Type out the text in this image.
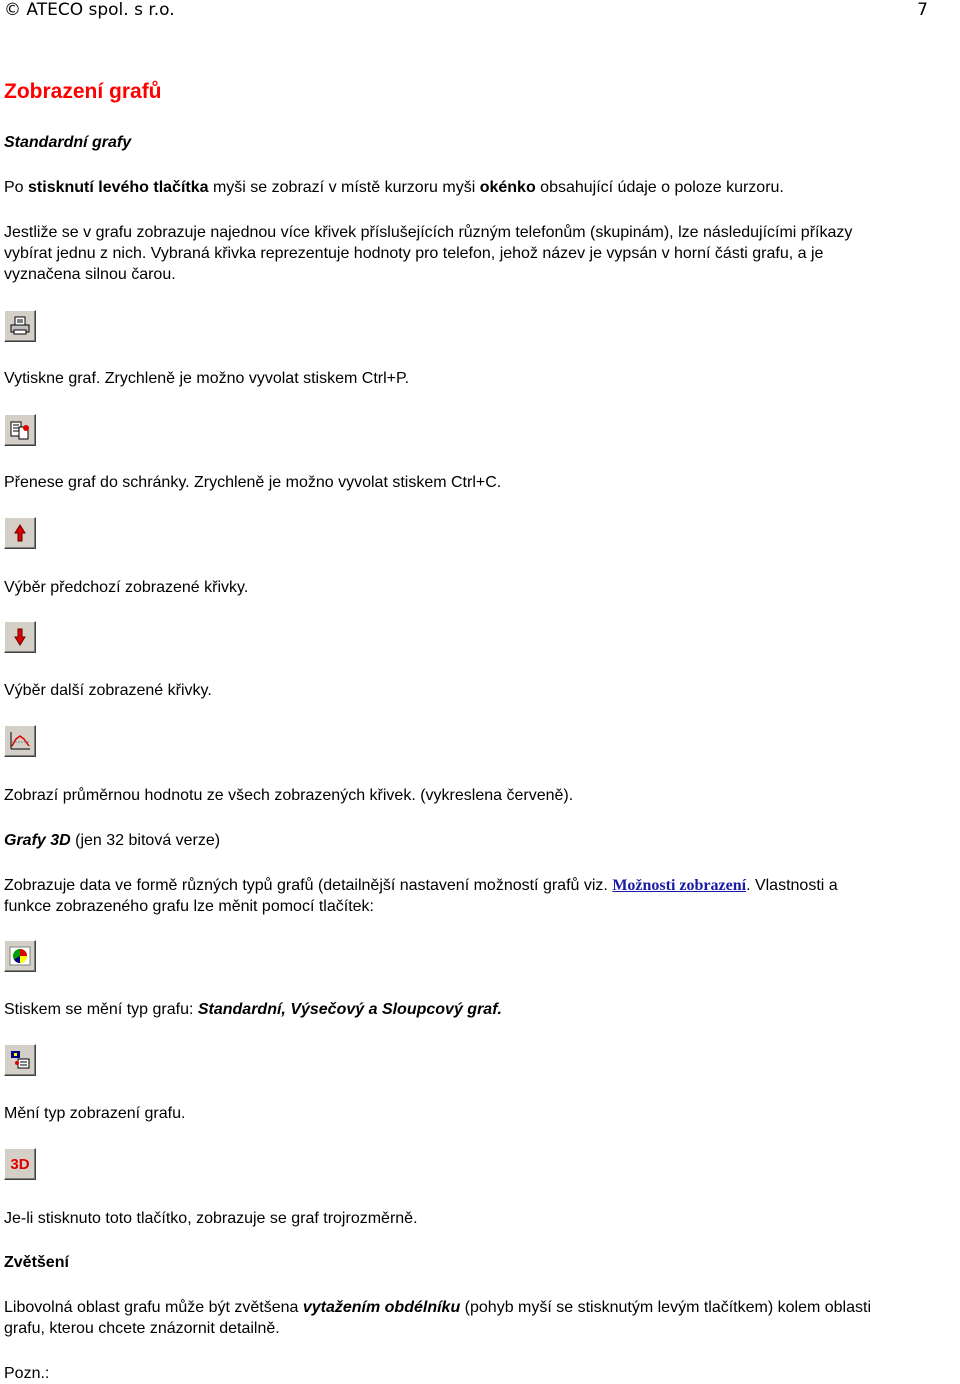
© ATECO spol. s r.o.	7
Zobrazení grafů
Standardní grafy
Po stisknutí levého tlačítka myši se zobrazí v místě kurzoru myši okénko obsahující údaje o poloze kurzoru.
Jestliže se v grafu zobrazuje najednou více křivek příslušejících různým telefonům (skupinám), lze následujícími příkazy
vybírat jednu z nich. Vybraná křivka reprezentuje hodnoty pro telefon, jehož název je vypsán v horní části grafu, a je
vyznačena silnou čarou.
Vytiskne graf. Zrychleně je možno vyvolat stiskem Ctrl+P.
Přenese graf do schránky. Zrychleně je možno vyvolat stiskem Ctrl+C.
Výběr předchozí zobrazené křivky.
Výběr další zobrazené křivky.
Zobrazí průměrnou hodnotu ze všech zobrazených křivek. (vykreslena červeně).
Grafy 3D (jen 32 bitová verze)
Zobrazuje data ve formě různých typů grafů (detailnější nastavení možností grafů viz. Možnosti zobrazení. Vlastnosti a
funkce zobrazeného grafu lze měnit pomocí tlačítek:
Stiskem se mění typ grafu: Standardní, Výsečový a Sloupcový graf.
Mění typ zobrazení grafu.
3D
Je-li stisknuto toto tlačítko, zobrazuje se graf trojrozměrně.
Zvětšení
Libovolná oblast grafu může být zvětšena vytažením obdélníku (pohyb myší se stisknutým levým tlačítkem) kolem oblasti
grafu, kterou chcete znázornit detailně.
Pozn.:
